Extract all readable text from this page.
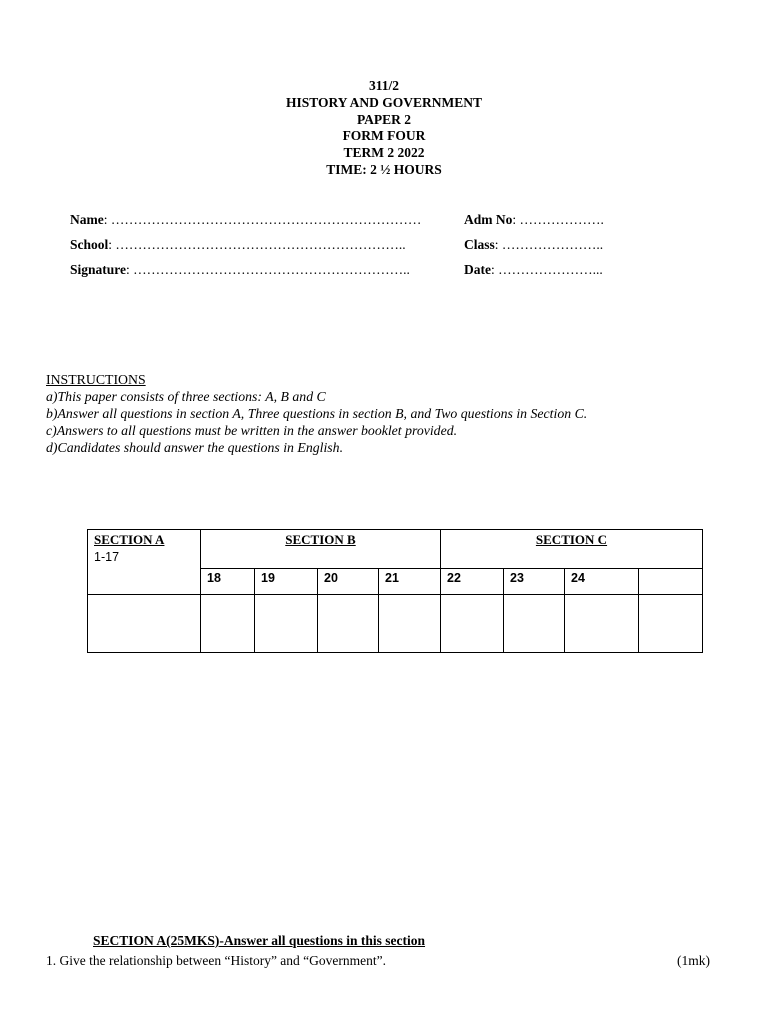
311/2
HISTORY AND GOVERNMENT
PAPER 2
FORM FOUR
TERM 2 2022
TIME: 2 ½ HOURS
Name: ……………………………………………………………	Adm No: ……………….
School: ………………………………………………………..	Class: …………………..
Signature: ……………………………………………………..	Date: …………………...
INSTRUCTIONS
a)This paper consists of three sections: A, B and C
b)Answer all questions in section A, Three questions in section B, and Two questions in Section C.
c)Answers to all questions must be written in the answer booklet provided.
d)Candidates should answer the questions in English.
SECTION A
1-17	SECTION B				SECTION C			
	18	19	20	21	22	23	24	

SECTION A(25MKS)-Answer all questions in this section
1. Give the relationship between “History” and “Government”.	(1mk)
